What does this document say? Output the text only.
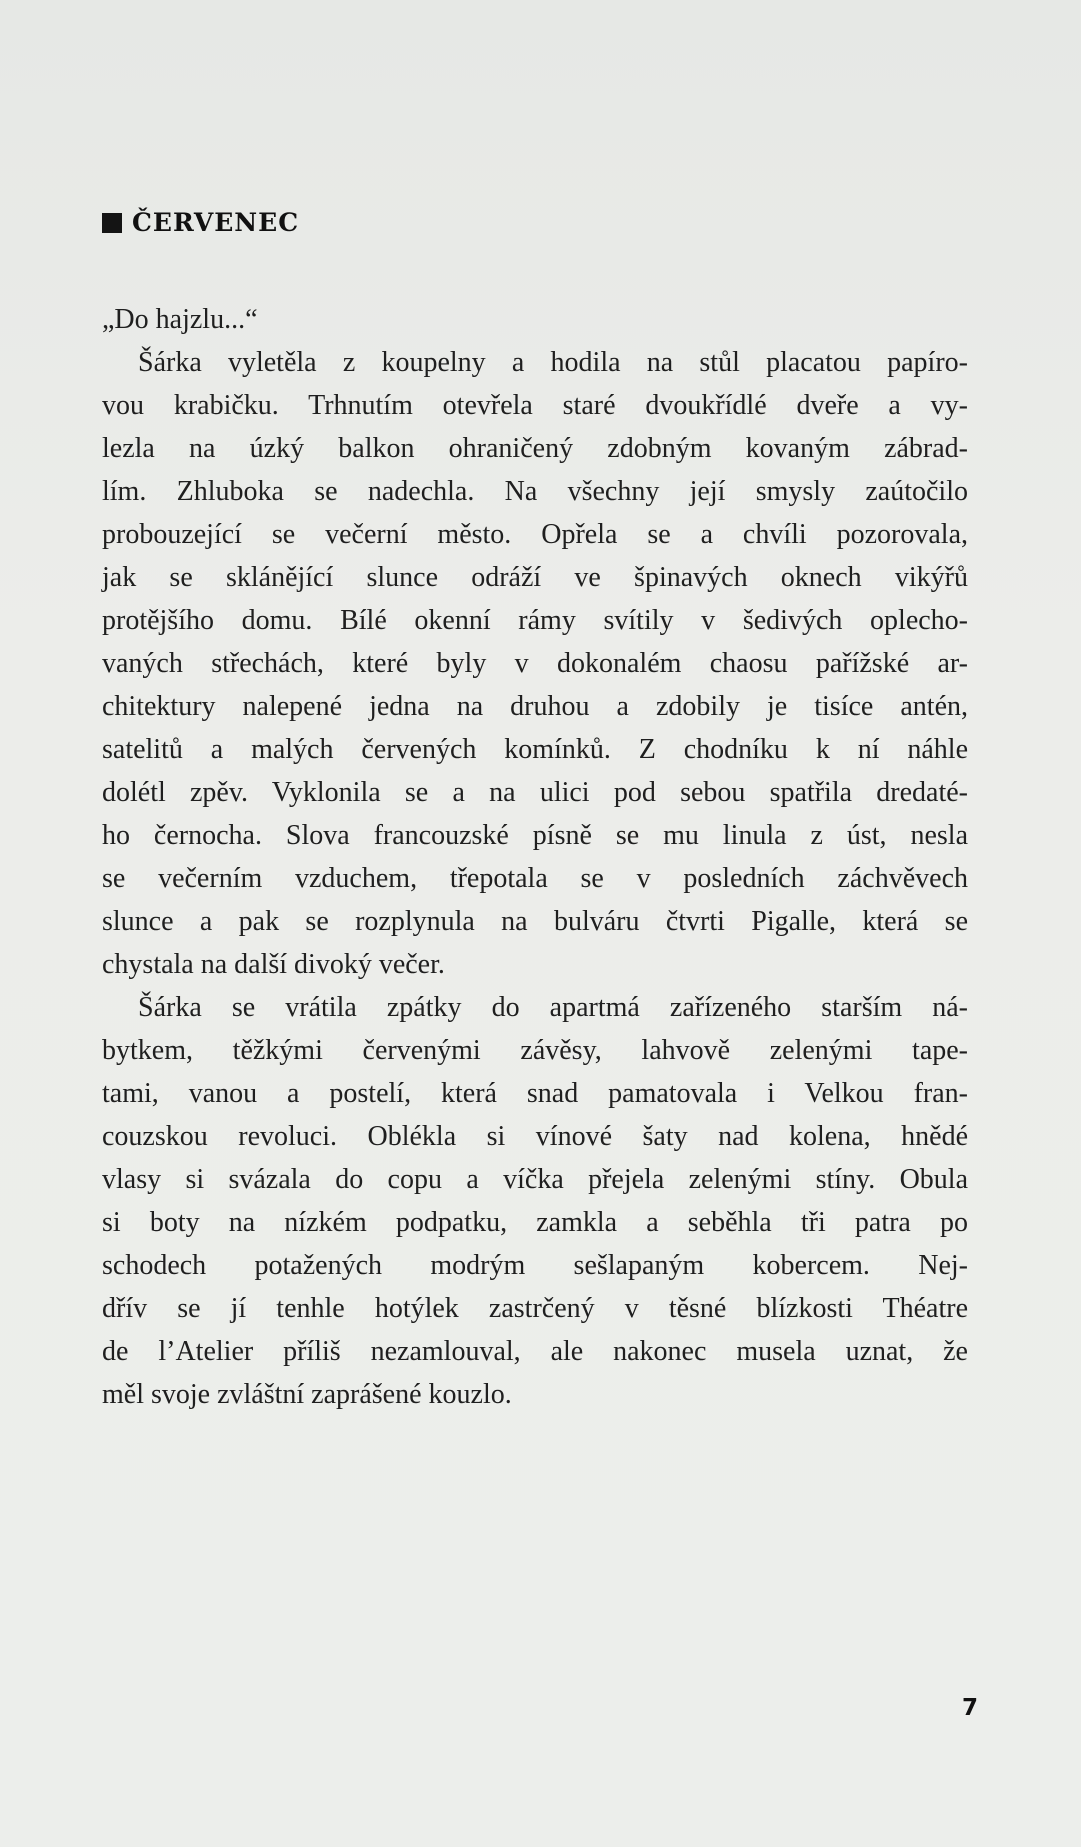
ČERVENEC
„Do hajzlu...“
Šárka vyletěla z koupelny a hodila na stůl placatou papíro-
vou krabičku. Trhnutím otevřela staré dvoukřídlé dveře a vy-
lezla na úzký balkon ohraničený zdobným kovaným zábrad-
lím. Zhluboka se nadechla. Na všechny její smysly zaútočilo
probouzející se večerní město. Opřela se a chvíli pozorovala,
jak se sklánějící slunce odráží ve špinavých oknech vikýřů
protějšího domu. Bílé okenní rámy svítily v šedivých oplecho-
vaných střechách, které byly v dokonalém chaosu pařížské ar-
chitektury nalepené jedna na druhou a zdobily je tisíce antén,
satelitů a malých červených komínků. Z chodníku k ní náhle
dolétl zpěv. Vyklonila se a na ulici pod sebou spatřila dredaté-
ho černocha. Slova francouzské písně se mu linula z úst, nesla
se večerním vzduchem, třepotala se v posledních záchvěvech
slunce a pak se rozplynula na bulváru čtvrti Pigalle, která se
chystala na další divoký večer.
Šárka se vrátila zpátky do apartmá zařízeného starším ná-
bytkem, těžkými červenými závěsy, lahvově zelenými tape-
tami, vanou a postelí, která snad pamatovala i Velkou fran-
couzskou revoluci. Oblékla si vínové šaty nad kolena, hnědé
vlasy si svázala do copu a víčka přejela zelenými stíny. Obula
si boty na nízkém podpatku, zamkla a seběhla tři patra po
schodech potažených modrým sešlapaným kobercem. Nej-
dřív se jí tenhle hotýlek zastrčený v těsné blízkosti Théatre
de l’Atelier příliš nezamlouval, ale nakonec musela uznat, že
měl svoje zvláštní zaprášené kouzlo.
7
